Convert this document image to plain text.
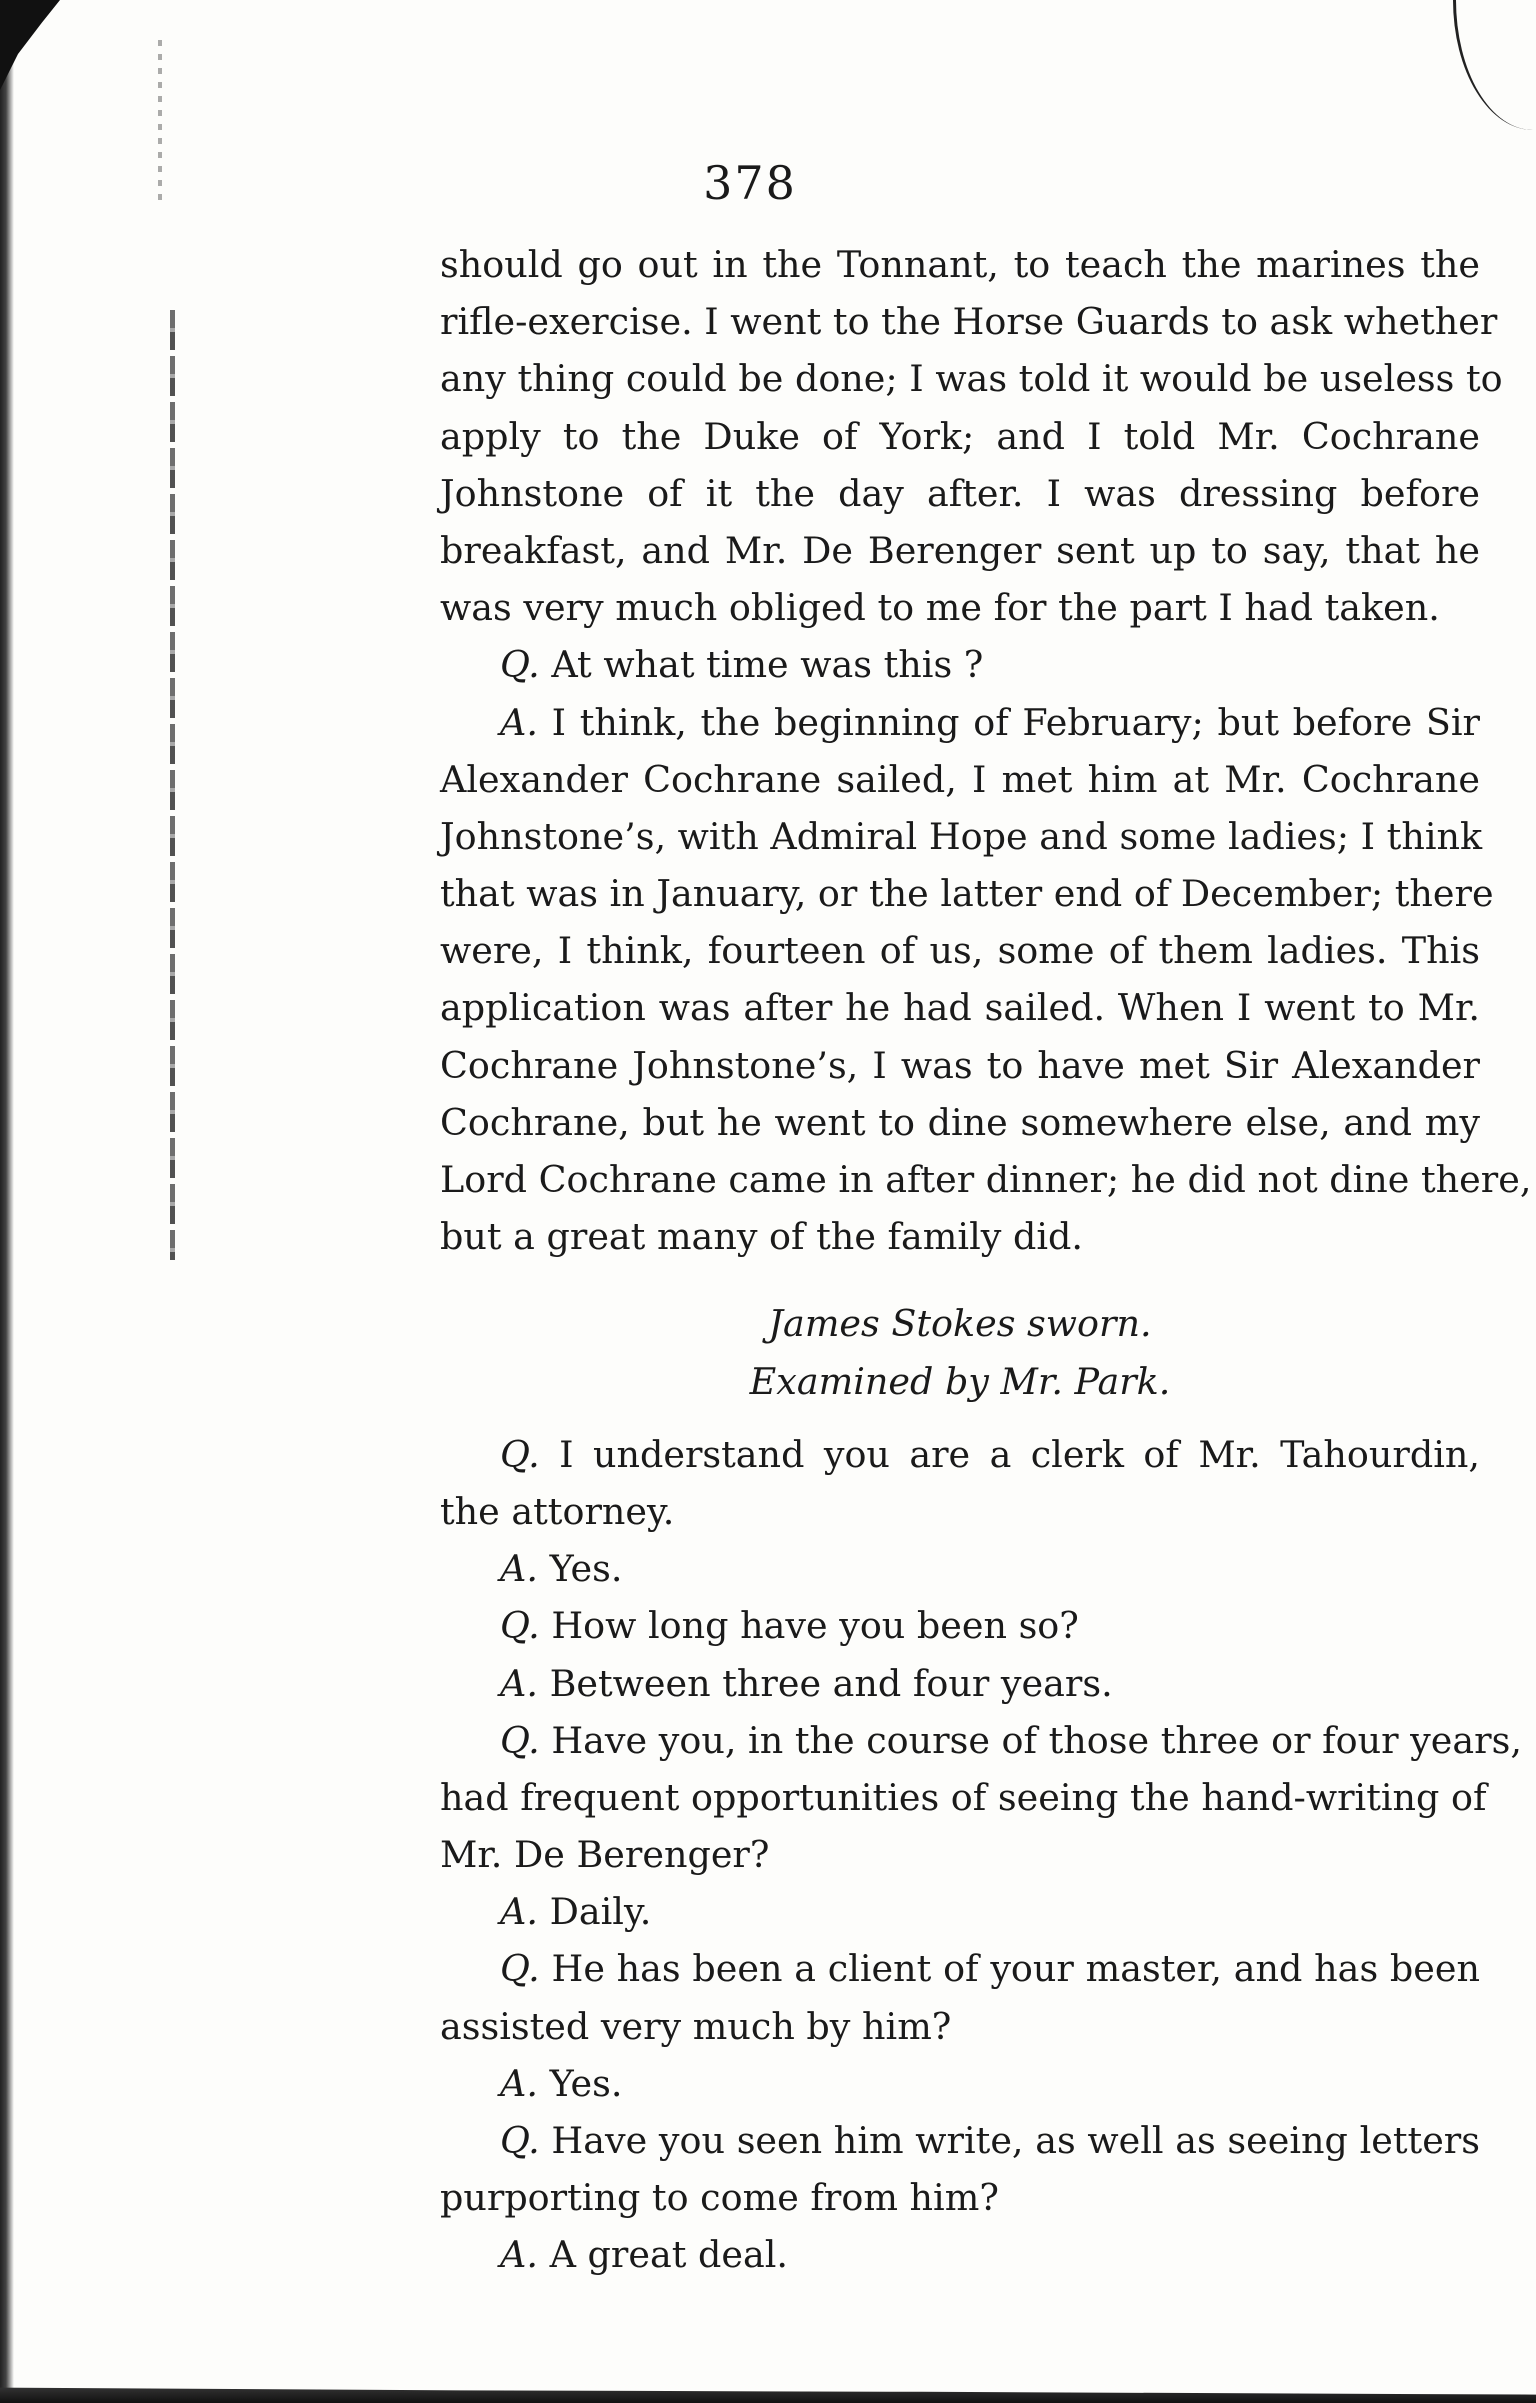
378
should go out in the Tonnant, to teach the marines the
rifle-exercise. I went to the Horse Guards to ask whether
any thing could be done; I was told it would be useless to
apply to the Duke of York; and I told Mr. Cochrane
Johnstone of it the day after. I was dressing before
breakfast, and Mr. De Berenger sent up to say, that he
was very much obliged to me for the part I had taken.
Q. At what time was this ?
A. I think, the beginning of February; but before Sir
Alexander Cochrane sailed, I met him at Mr. Cochrane
Johnstone’s, with Admiral Hope and some ladies; I think
that was in January, or the latter end of December; there
were, I think, fourteen of us, some of them ladies. This
application was after he had sailed. When I went to Mr.
Cochrane Johnstone’s, I was to have met Sir Alexander
Cochrane, but he went to dine somewhere else, and my
Lord Cochrane came in after dinner; he did not dine there,
but a great many of the family did.
James Stokes sworn.
Examined by Mr. Park.
Q. I understand you are a clerk of Mr. Tahourdin,
the attorney.
A. Yes.
Q. How long have you been so?
A. Between three and four years.
Q. Have you, in the course of those three or four years,
had frequent opportunities of seeing the hand-writing of
Mr. De Berenger?
A. Daily.
Q. He has been a client of your master, and has been
assisted very much by him?
A. Yes.
Q. Have you seen him write, as well as seeing letters
purporting to come from him?
A. A great deal.
